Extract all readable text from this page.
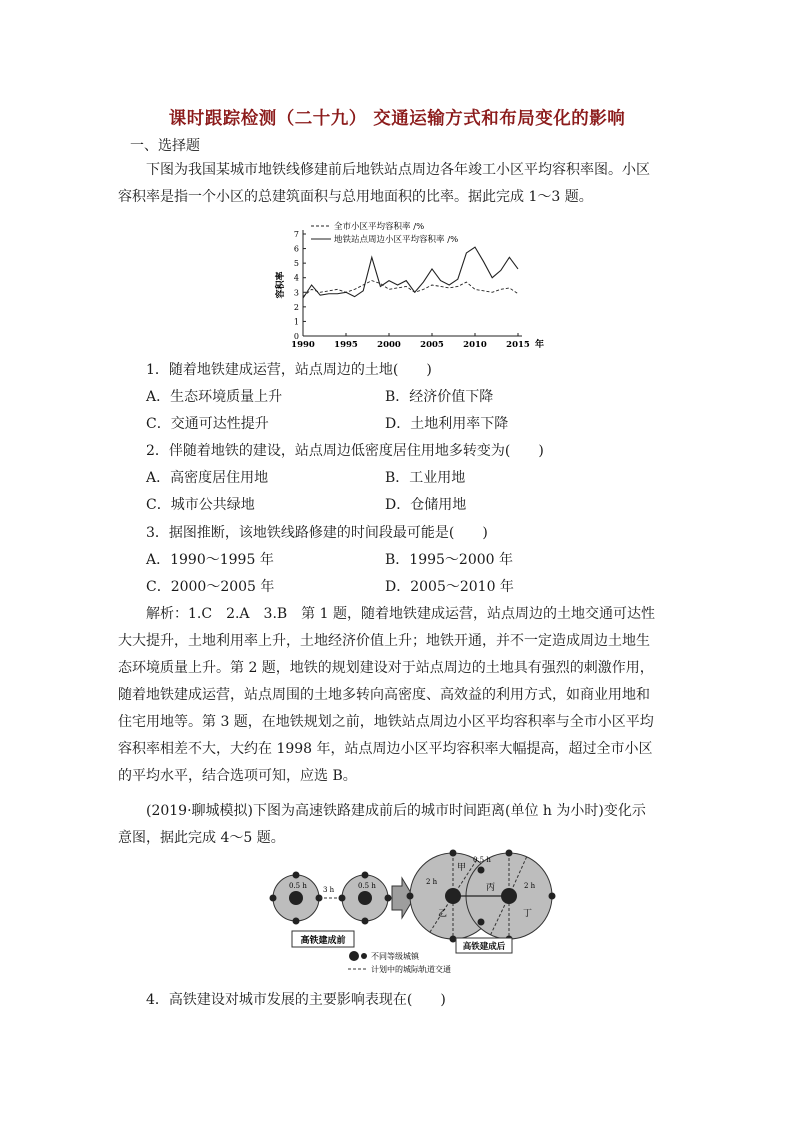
课时跟踪检测（二十九） 交通运输方式和布局变化的影响
一、选择题

下图为我国某城市地铁线修建前后地铁站点周边各年竣工小区平均容积率图。小区容积率是指一个小区的总建筑面积与总用地面积的比率。据此完成 1～3 题。

0
1
2
3
4
5
6
7
1990 1995 2000 2005 2010 2015 年
容积率
全市小区平均容积率 /%
地铁站点周边小区平均容积率 /%
1．随着地铁建成运营，站点周边的土地(　　)
A．生态环境质量上升	B．经济价值下降
C．交通可达性提升	D．土地利用率下降
2．伴随着地铁的建设，站点周边低密度居住用地多转变为(　　)
A．高密度居住用地	B．工业用地
C．城市公共绿地	D．仓储用地
3．据图推断，该地铁线路修建的时间段最可能是(　　)
A．1990～1995 年	B．1995～2000 年
C．2000～2005 年	D．2005～2010 年

解析：1.C　2.A　3.B　第 1 题，随着地铁建成运营，站点周边的土地交通可达性大大提升，土地利用率上升，土地经济价值上升；地铁开通，并不一定造成周边土地生态环境质量上升。第 2 题，地铁的规划建设对于站点周边的土地具有强烈的刺激作用，随着地铁建成运营，站点周围的土地多转向高密度、高效益的利用方式，如商业用地和住宅用地等。第 3 题，在地铁规划之前，地铁站点周边小区平均容积率与全市小区平均容积率相差不大，大约在 1998 年，站点周边小区平均容积率大幅提高，超过全市小区的平均水平，结合选项可知，应选 B。

(2019·聊城模拟)下图为高速铁路建成前后的城市时间距离(单位 h 为小时)变化示意图，据此完成 4～5 题。

0.5 h 3 h	0.5 h
高铁建成前
0.5 h
2 h	2 h
甲
乙
丙
丁
高铁建成后
不同等级城镇
计划中的城际轨道交通
4．高铁建设对城市发展的主要影响表现在(　　)
